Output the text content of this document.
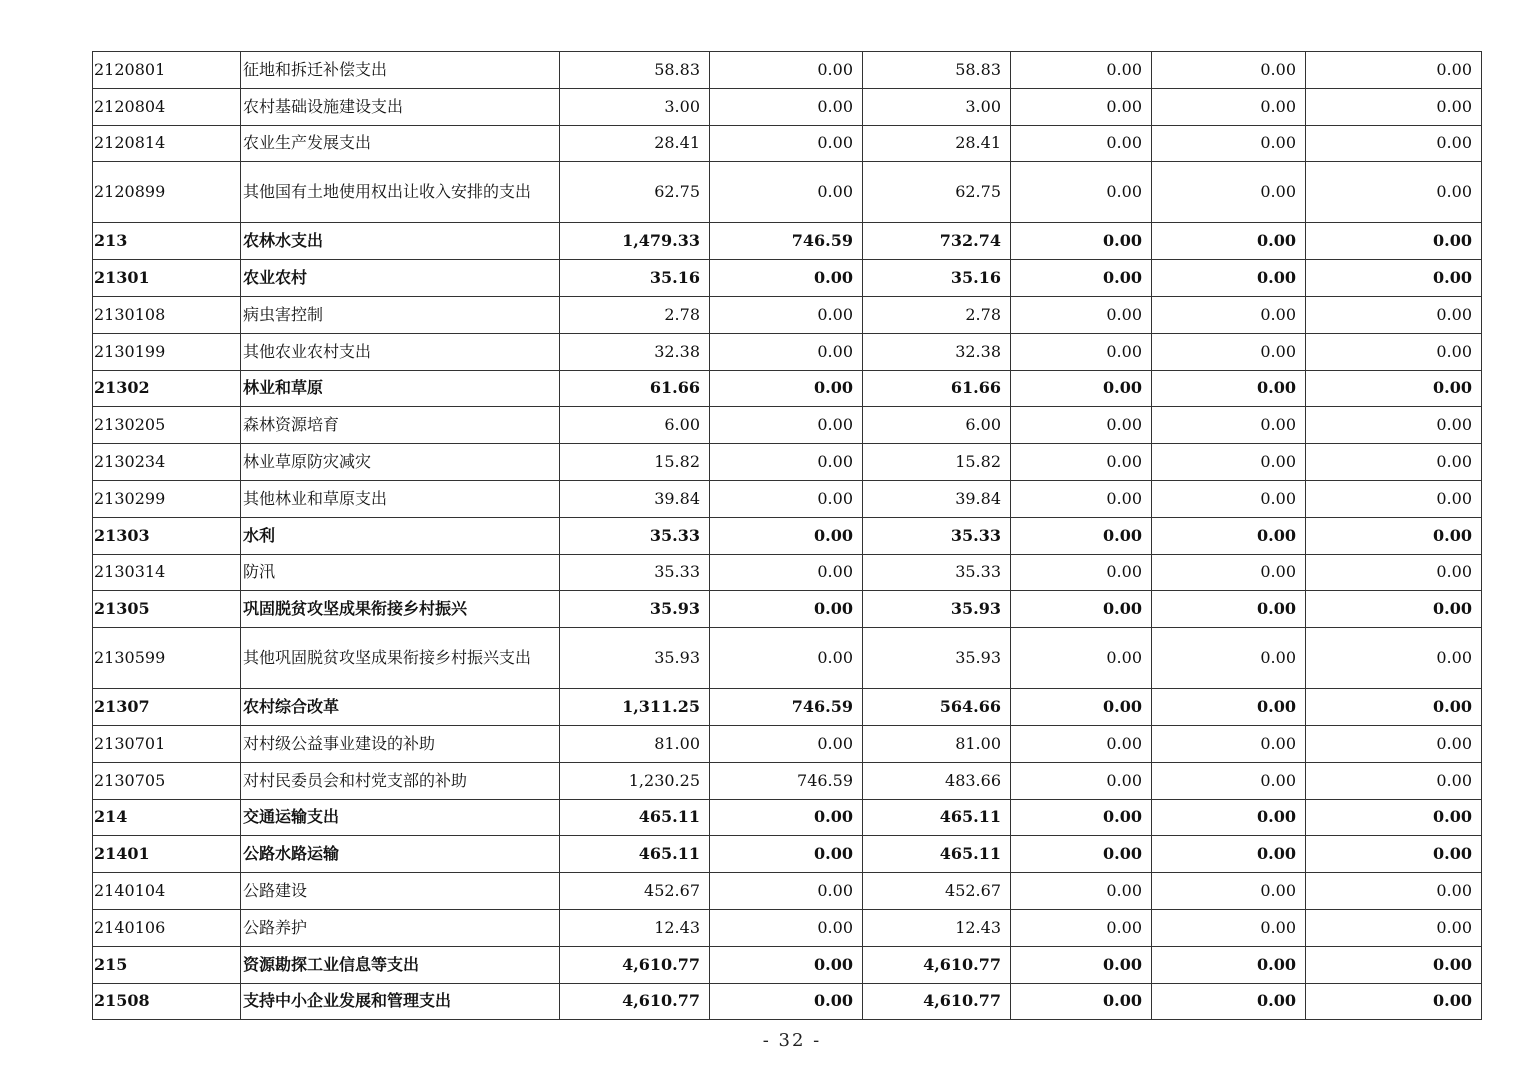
2120801	征地和拆迁补偿支出	58.83	0.00	58.83	0.00	0.00	0.00
2120804	农村基础设施建设支出	3.00	0.00	3.00	0.00	0.00	0.00
2120814	农业生产发展支出	28.41	0.00	28.41	0.00	0.00	0.00
2120899	其他国有土地使用权出让收入安排的支出	62.75	0.00	62.75	0.00	0.00	0.00
213	农林水支出	1,479.33	746.59	732.74	0.00	0.00	0.00
21301	农业农村	35.16	0.00	35.16	0.00	0.00	0.00
2130108	病虫害控制	2.78	0.00	2.78	0.00	0.00	0.00
2130199	其他农业农村支出	32.38	0.00	32.38	0.00	0.00	0.00
21302	林业和草原	61.66	0.00	61.66	0.00	0.00	0.00
2130205	森林资源培育	6.00	0.00	6.00	0.00	0.00	0.00
2130234	林业草原防灾减灾	15.82	0.00	15.82	0.00	0.00	0.00
2130299	其他林业和草原支出	39.84	0.00	39.84	0.00	0.00	0.00
21303	水利	35.33	0.00	35.33	0.00	0.00	0.00
2130314	防汛	35.33	0.00	35.33	0.00	0.00	0.00
21305	巩固脱贫攻坚成果衔接乡村振兴	35.93	0.00	35.93	0.00	0.00	0.00
2130599	其他巩固脱贫攻坚成果衔接乡村振兴支出	35.93	0.00	35.93	0.00	0.00	0.00
21307	农村综合改革	1,311.25	746.59	564.66	0.00	0.00	0.00
2130701	对村级公益事业建设的补助	81.00	0.00	81.00	0.00	0.00	0.00
2130705	对村民委员会和村党支部的补助	1,230.25	746.59	483.66	0.00	0.00	0.00
214	交通运输支出	465.11	0.00	465.11	0.00	0.00	0.00
21401	公路水路运输	465.11	0.00	465.11	0.00	0.00	0.00
2140104	公路建设	452.67	0.00	452.67	0.00	0.00	0.00
2140106	公路养护	12.43	0.00	12.43	0.00	0.00	0.00
215	资源勘探工业信息等支出	4,610.77	0.00	4,610.77	0.00	0.00	0.00
21508	支持中小企业发展和管理支出	4,610.77	0.00	4,610.77	0.00	0.00	0.00
- 32 -
